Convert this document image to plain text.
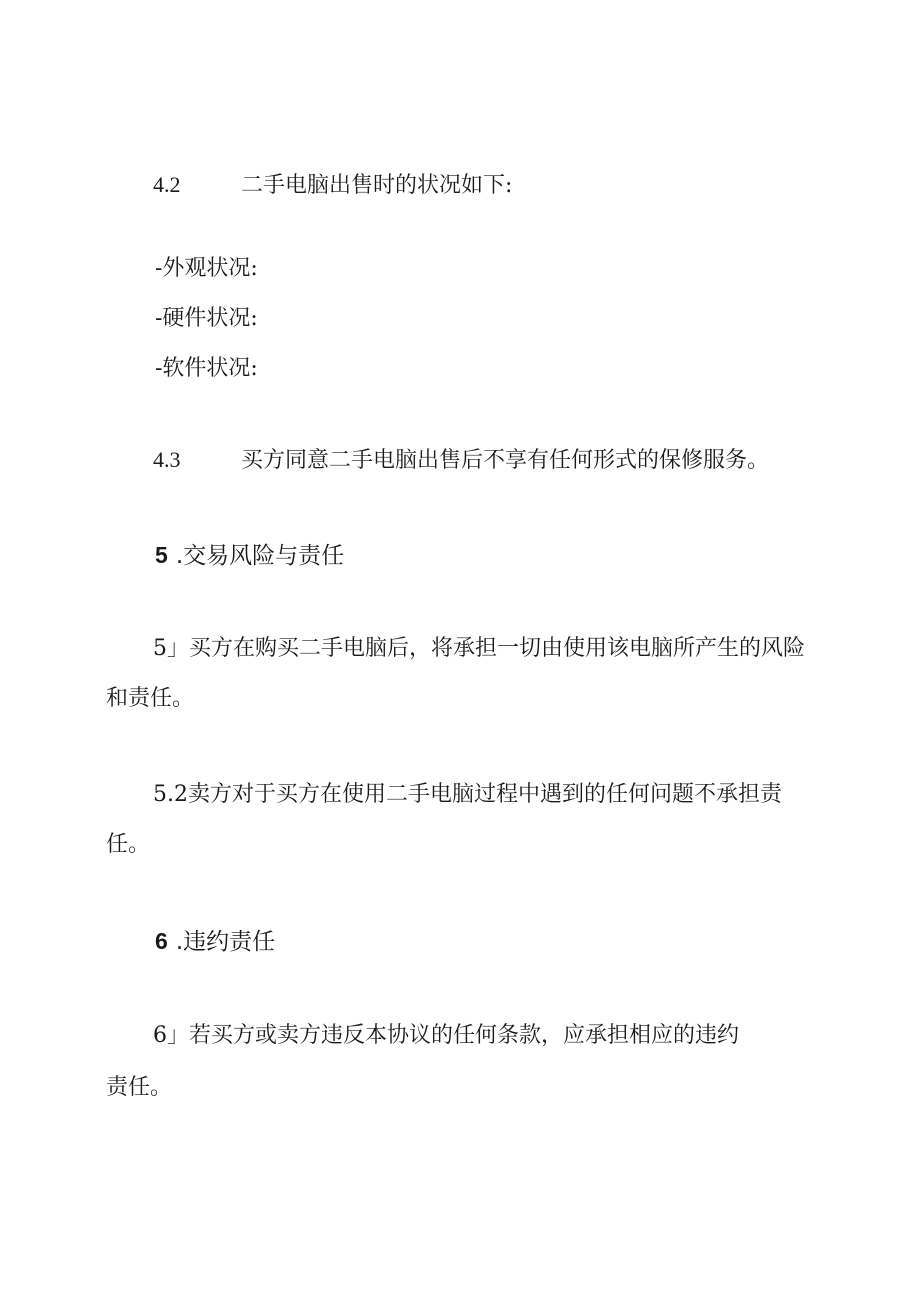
4.2	二手电脑出售时的状况如下:
-外观状况:
-硬件状况:
-软件状况:
4.3	买方同意二手电脑出售后不享有任何形式的保修服务。
5 .交易风险与责任
5」买方在购买二手电脑后，将承担一切由使用该电脑所产生的风险
和责任。
5.2卖方对于买方在使用二手电脑过程中遇到的任何问题不承担责
任。
6 .违约责任
6」若买方或卖方违反本协议的任何条款，应承担相应的违约
责任。
